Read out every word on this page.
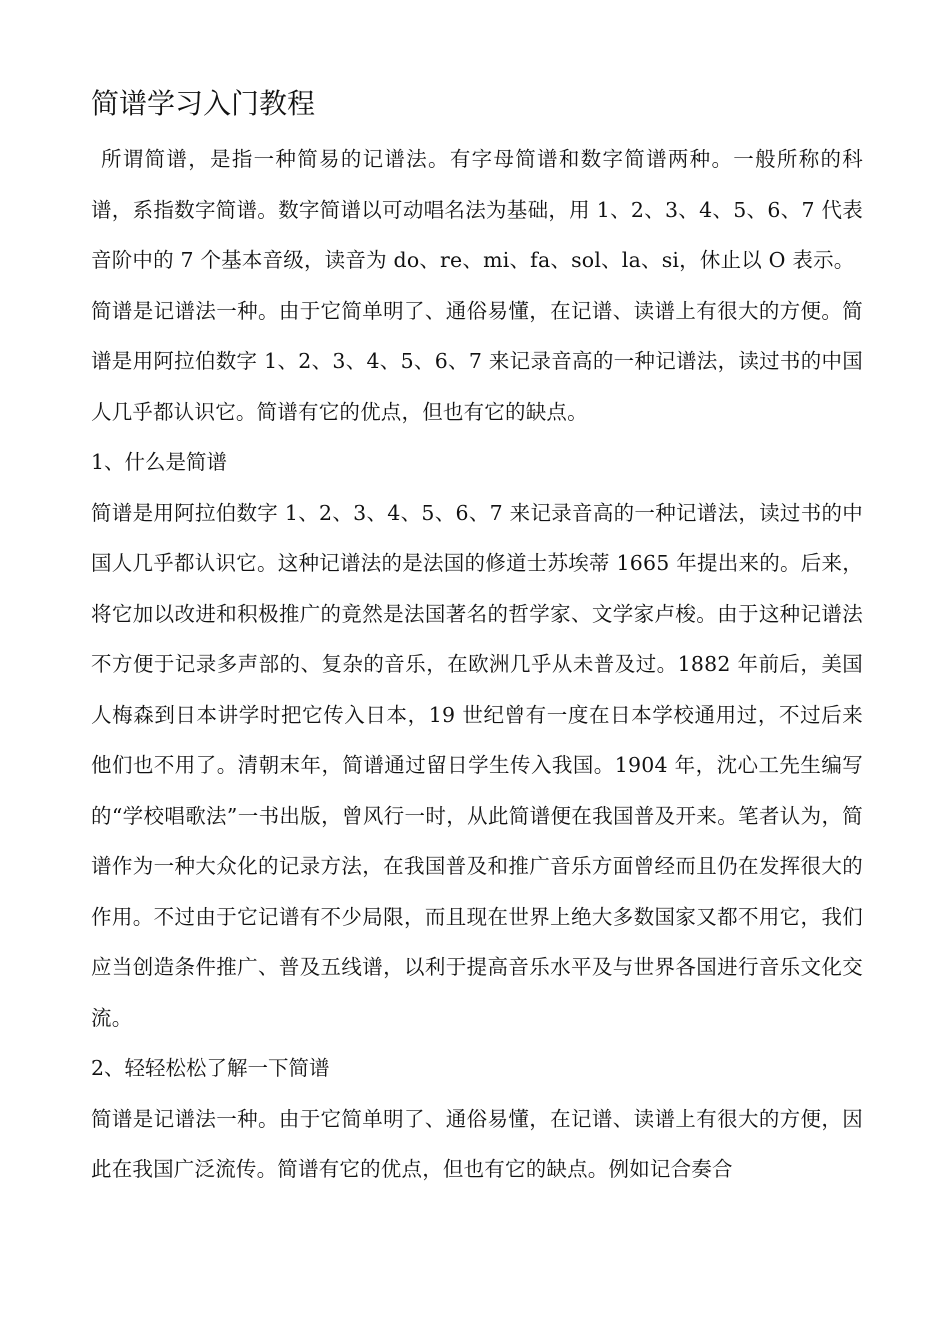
简谱学习入门教程

所谓简谱，是指一种简易的记谱法。有字母简谱和数字简谱两种。一般所称的科谱，系指数字简谱。数字简谱以可动唱名法为基础，用 1、2、3、4、5、6、7 代表音阶中的 7 个基本音级，读音为 do、re、mi、fa、sol、la、si，休止以 O 表示。

简谱是记谱法一种。由于它简单明了、通俗易懂，在记谱、读谱上有很大的方便。简谱是用阿拉伯数字 1、2、3、4、5、6、7 来记录音高的一种记谱法，读过书的中国人几乎都认识它。简谱有它的优点，但也有它的缺点。

1、什么是简谱

简谱是用阿拉伯数字 1、2、3、4、5、6、7 来记录音高的一种记谱法，读过书的中国人几乎都认识它。这种记谱法的是法国的修道士苏埃蒂 1665 年提出来的。后来，将它加以改进和积极推广的竟然是法国著名的哲学家、文学家卢梭。由于这种记谱法不方便于记录多声部的、复杂的音乐，在欧洲几乎从未普及过。1882 年前后，美国人梅森到日本讲学时把它传入日本，19 世纪曾有一度在日本学校通用过，不过后来他们也不用了。清朝末年，简谱通过留日学生传入我国。1904 年，沈心工先生编写的“学校唱歌法”一书出版，曾风行一时，从此简谱便在我国普及开来。笔者认为，简谱作为一种大众化的记录方法，在我国普及和推广音乐方面曾经而且仍在发挥很大的作用。不过由于它记谱有不少局限，而且现在世界上绝大多数国家又都不用它，我们应当创造条件推广、普及五线谱，以利于提高音乐水平及与世界各国进行音乐文化交流。

2、轻轻松松了解一下简谱

简谱是记谱法一种。由于它简单明了、通俗易懂，在记谱、读谱上有很大的方便，因此在我国广泛流传。简谱有它的优点，但也有它的缺点。例如记合奏合
